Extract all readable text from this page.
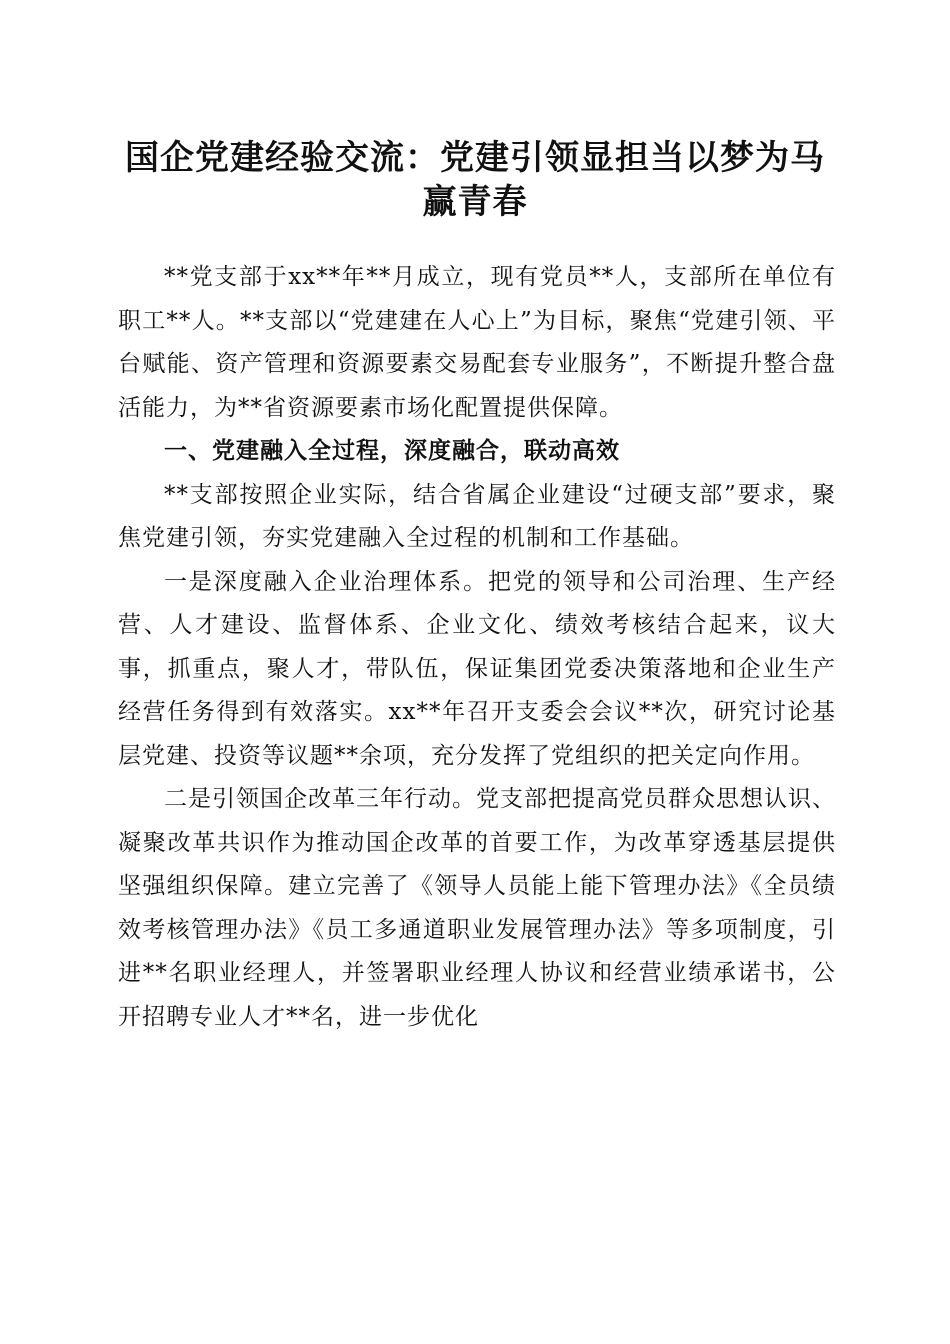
国企党建经验交流：党建引领显担当以梦为马
赢青春

**党支部于xx**年**月成立，现有党员**人，支部所在单位有职工**人。**支部以“党建建在人心上”为目标，聚焦“党建引领、平台赋能、资产管理和资源要素交易配套专业服务”，不断提升整合盘活能力，为**省资源要素市场化配置提供保障。

一、党建融入全过程，深度融合，联动高效

**支部按照企业实际，结合省属企业建设“过硬支部”要求，聚焦党建引领，夯实党建融入全过程的机制和工作基础。

一是深度融入企业治理体系。把党的领导和公司治理、生产经营、人才建设、监督体系、企业文化、绩效考核结合起来，议大事，抓重点，聚人才，带队伍，保证集团党委决策落地和企业生产经营任务得到有效落实。xx**年召开支委会会议**次，研究讨论基层党建、投资等议题**余项，充分发挥了党组织的把关定向作用。

二是引领国企改革三年行动。党支部把提高党员群众思想认识、凝聚改革共识作为推动国企改革的首要工作，为改革穿透基层提供坚强组织保障。建立完善了《领导人员能上能下管理办法》《全员绩效考核管理办法》《员工多通道职业发展管理办法》等多项制度，引进**名职业经理人，并签署职业经理人协议和经营业绩承诺书，公开招聘专业人才**名，进一步优化
